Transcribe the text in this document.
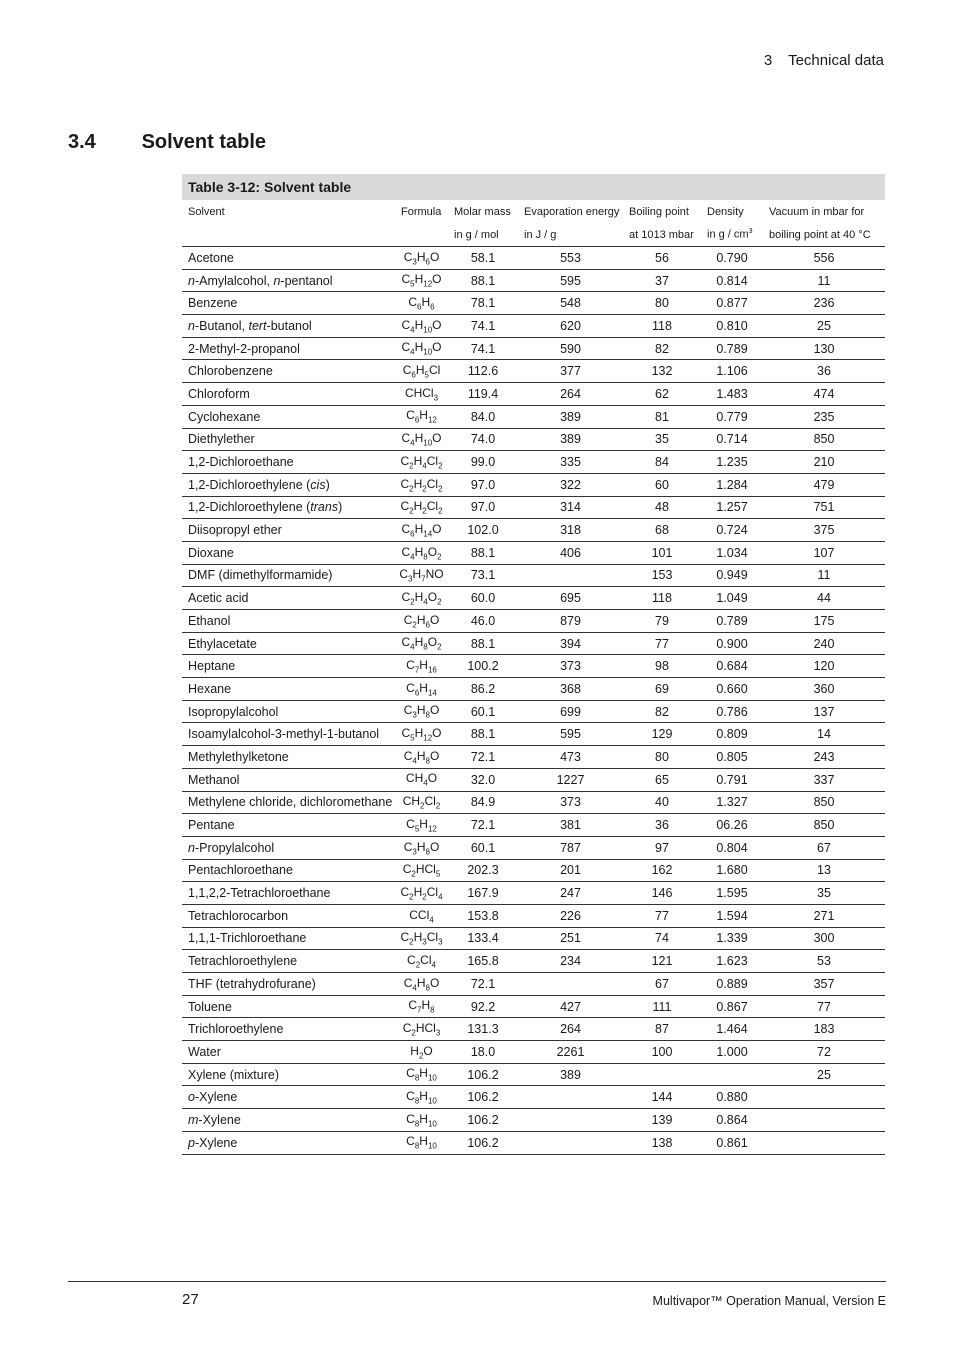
3 Technical data
3.4 Solvent table
Table 3-12: Solvent table
Solvent	Formula	Molar mass	Evaporation energy	Boiling point	Density	Vacuum in mbar for
		in g / mol	in J / g	at 1013 mbar	in g / $cm^3$	boiling point at 40 °C
Acetone	$C_3H_6O$	58.1	553	56	0.790	556
n-Amylalcohol, n-pentanol	$C_5H_{12}O$	88.1	595	37	0.814	11
Benzene	$C_6H_6$	78.1	548	80	0.877	236
n-Butanol, tert-butanol	$C_4H_{10}O$	74.1	620	118	0.810	25
2-Methyl-2-propanol	$C_4H_{10}O$	74.1	590	82	0.789	130
Chlorobenzene	$C_6H_5Cl$	112.6	377	132	1.106	36
Chloroform	CHCl$_3$	119.4	264	62	1.483	474
Cyclohexane	$C_6H_{12}$	84.0	389	81	0.779	235
Diethylether	$C_4H_{10}O$	74.0	389	35	0.714	850
1,2-Dichloroethane	$C_2H_4Cl_2$	99.0	335	84	1.235	210
1,2-Dichloroethylene (cis)	$C_2H_2Cl_2$	97.0	322	60	1.284	479
1,2-Dichloroethylene (trans)	$C_2H_2Cl_2$	97.0	314	48	1.257	751
Diisopropyl ether	$C_6H_{14}O$	102.0	318	68	0.724	375
Dioxane	$C_4H_8O_2$	88.1	406	101	1.034	107
DMF (dimethylformamide)	$C_3H_7NO$	73.1		153	0.949	11
Acetic acid	$C_2H_4O_2$	60.0	695	118	1.049	44
Ethanol	$C_2H_6O$	46.0	879	79	0.789	175
Ethylacetate	$C_4H_8O_2$	88.1	394	77	0.900	240
Heptane	$C_7H_{16}$	100.2	373	98	0.684	120
Hexane	$C_6H_{14}$	86.2	368	69	0.660	360
Isopropylalcohol	$C_3H_8O$	60.1	699	82	0.786	137
Isoamylalcohol-3-methyl-1-butanol	$C_5H_{12}O$	88.1	595	129	0.809	14
Methylethylketone	$C_4H_8O$	72.1	473	80	0.805	243
Methanol	$CH_4O$	32.0	1227	65	0.791	337
Methylene chloride, dichloromethane	$CH_2Cl_2$	84.9	373	40	1.327	850
Pentane	$C_5H_{12}$	72.1	381	36	06.26	850
n-Propylalcohol	$C_3H_8O$	60.1	787	97	0.804	67
Pentachloroethane	$C_2HCl_5$	202.3	201	162	1.680	13
1,1,2,2-Tetrachloroethane	$C_2H_2Cl_4$	167.9	247	146	1.595	35
Tetrachlorocarbon	CCl$_4$	153.8	226	77	1.594	271
1,1,1-Trichloroethane	$C_2H_3Cl_3$	133.4	251	74	1.339	300
Tetrachloroethylene	$C_2Cl_4$	165.8	234	121	1.623	53
THF (tetrahydrofurane)	$C_4H_8O$	72.1		67	0.889	357
Toluene	$C_7H_8$	92.2	427	111	0.867	77
Trichloroethylene	$C_2HCl_3$	131.3	264	87	1.464	183
Water	$H_2O$	18.0	2261	100	1.000	72
Xylene (mixture)	$C_8H_{10}$	106.2	389			25
o-Xylene	$C_8H_{10}$	106.2		144	0.880	
m-Xylene	$C_8H_{10}$	106.2		139	0.864	
p-Xylene	$C_8H_{10}$	106.2		138	0.861	
27	Multivapor™ Operation Manual, Version E
